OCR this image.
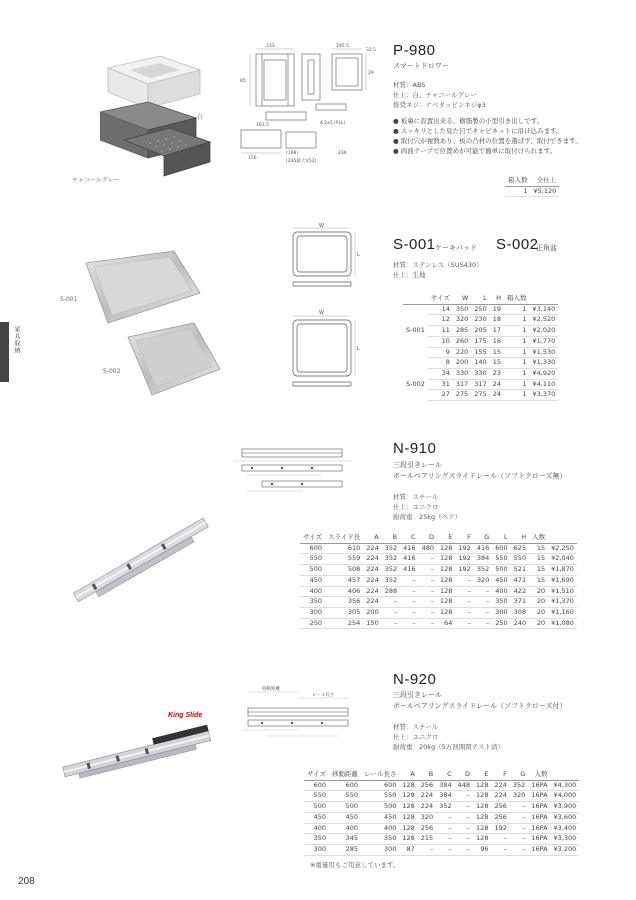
家具収納
白
チャコールグレー
233	195.5
32.5
85
29
4 2x5 (PLL)
156
(168)
(245最大)(52)
236
163.5
P-980
スマートドロワー
材質：ABS
仕上：白、チャコールグレー
推奨ネジ：ナベタッピンネジφ3
● 板裏に設置出来る、樹脂製の小型引き出しです。
● スッキリとした見た目でキャビネットに沿け込みます。
● 取付穴が複数あり、板の凸材の位置を選ばず、取付できます。
● 両面テープで位置めが可能で簡単に取付けられます。
箱入数	全仕上
1	¥5,120
S-001
S-002
W
L
W
L
S-001 ケーキバッド S-002
正角盆
材質：ステンレス（SUS430）
仕上：生地
	サイズ	W	L	H	箱入数	
	14	350	250	19	1	¥3,140
	12	320	230	18	1	¥2,520
S-001	11	285	205	17	1	¥2,020
	10	260	175	16	1	¥1,770
	9	220	155	15	1	¥1,530
	8	200	140	15	1	¥1,330
	34	330	330	23	1	¥4,920
S-002	31	317	317	24	1	¥4,110
	27	275	275	24	1	¥3,370
N-910
三段引きレール
ボールベアリングスライドレール（ソフトクローズ無）
材質：スチール
仕上：ユニクロ
耐荷重：25kg（ペア）
サイズ	スライド長	A	B	C	D	E	F	G	L	H	入数	
600	610	224	352	416	480	128	192	416	600	625	15	¥2,250
550	559	224	352	416	–	128	192	384	550	550	15	¥2,040
500	508	224	352	416	–	128	192	352	500	521	15	¥1,870
450	457	224	352	–	–	128	–	320	450	471	15	¥1,690
400	406	224	288	–	–	128	–	–	400	422	20	¥1,510
350	356	224	–	–	–	128	–	–	350	371	20	¥1,370
300	305	200	–	–	–	128	–	–	300	308	20	¥1,160
250	254	150	–	–	–	64	–	–	250	240	20	¥1,080
移動距離
レール長さ
King Slide
N-920
三段引きレール
ボールベアリングスライドレール（ソフトクローズ付）
材質：スチール
仕上：ユニクロ
耐荷重：20kg（5万回開閉テスト済）
サイズ	移動距離	レール長さ	A	B	C	D	E	F	G	入数	
600	600	600	128	256	384	448	128	224	352	16PA	¥4,300
550	550	550	128	224	384	–	128	224	320	16PA	¥4,000
500	500	500	128	224	352	–	128	256	–	16PA	¥3,900
450	450	450	128	320	–	–	128	256	–	16PA	¥3,600
400	400	400	128	256	–	–	128	192	–	16PA	¥3,400
350	345	350	128	215	–	–	128	–	–	16PA	¥3,300
300	285	300	87	–	–	–	96	–	–	16PA	¥3,200
※重量用もご用意しています。
208
